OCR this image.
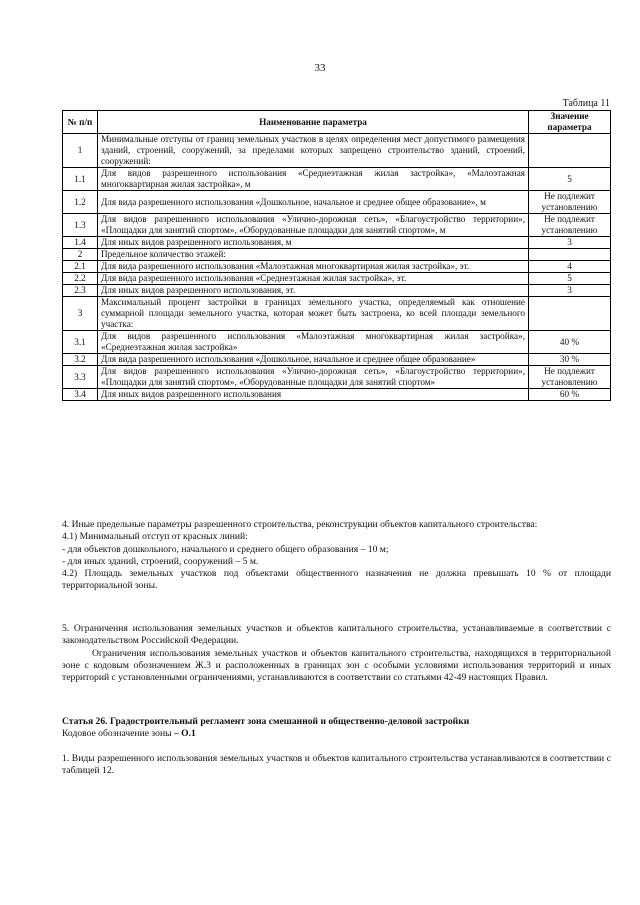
33
Таблица 11
№ п/п	Наименование параметра	Значение параметра
1	Минимальные отступы от границ земельных участков в целях определения мест допустимого размещения зданий, строений, сооружений, за пределами которых запрещено строительство зданий, строений, сооружений:	
1.1	Для видов разрешенного использования «Среднеэтажная жилая застройка», «Малоэтажная многоквартирная жилая застройка», м	5
1.2	Для вида разрешенного использования «Дошкольное, начальное и среднее общее образование», м	Не подлежит установлению
1.3	Для видов разрешенного использования «Улично-дорожная сеть», «Благоустройство территории», «Площадки для занятий спортом», «Оборудованные площадки для занятий спортом», м	Не подлежит установлению
1.4	Для иных видов разрешенного использования, м	3
2	Предельное количество этажей:	
2.1	Для вида разрешенного использования «Малоэтажная многоквартирная жилая застройка», эт.	4
2.2	Для вида разрешенного использования «Среднеэтажная жилая застройка», эт.	5
2.3	Для иных видов разрешенного использования, эт.	3
3	Максимальный процент застройки в границах земельного участка, определяемый как отношение суммарной площади земельного участка, которая может быть застроена, ко всей площади земельного участка:	
3.1	Для видов разрешенного использования «Малоэтажная многоквартирная жилая застройка», «Среднеэтажная жилая застройка»	40 %
3.2	Для вида разрешенного использования «Дошкольное, начальное и среднее общее образование»	30 %
3.3	Для видов разрешенного использования «Улично-дорожная сеть», «Благоустройство территории», «Площадки для занятий спортом», «Оборудованные площадки для занятий спортом»	Не подлежит установлению
3.4	Для иных видов разрешенного использования	60 %

4. Иные предельные параметры разрешенного строительства, реконструкции объектов капитального строительства:

4.1) Минимальный отступ от красных линий:

- для объектов дошкольного, начального и среднего общего образования – 10 м;

- для иных зданий, строений, сооружений – 5 м.

4.2) Площадь земельных участков под объектами общественного назначения не должна превышать 10 % от площади территориальной зоны.

5. Ограничения использования земельных участков и объектов капитального строительства, устанавливаемые в соответствии с законодательством Российской Федерации.

Ограничения использования земельных участков и объектов капитального строительства, находящихся в территориальной зоне с кодовым обозначением Ж.3 и расположенных в границах зон с особыми условиями использования территорий и иных территорий с установленными ограничениями, устанавливаются в соответствии со статьями 42-49 настоящих Правил.

Статья 26. Градостроительный регламент зона смешанной и общественно-деловой застройки

Кодовое обозначение зоны – О.1

1. Виды разрешенного использования земельных участков и объектов капитального строительства устанавливаются в соответствии с таблицей 12.
